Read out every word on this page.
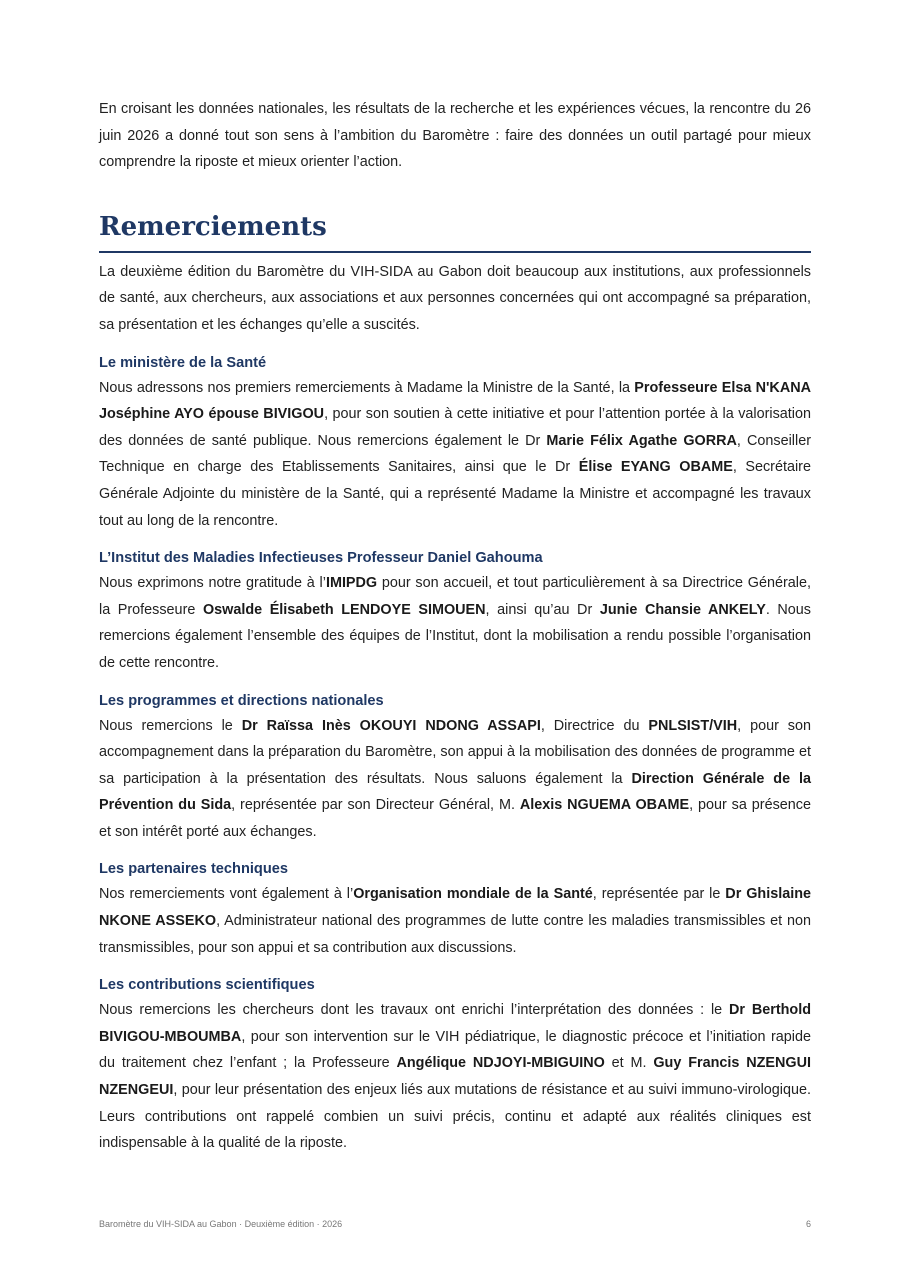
En croisant les données nationales, les résultats de la recherche et les expériences vécues, la rencontre du 26 juin 2026 a donné tout son sens à l’ambition du Baromètre : faire des données un outil partagé pour mieux comprendre la riposte et mieux orienter l’action.

Remerciements

La deuxième édition du Baromètre du VIH-SIDA au Gabon doit beaucoup aux institutions, aux professionnels de santé, aux chercheurs, aux associations et aux personnes concernées qui ont accompagné sa préparation, sa présentation et les échanges qu’elle a suscités.

Le ministère de la Santé

Nous adressons nos premiers remerciements à Madame la Ministre de la Santé, la Professeure Elsa N'KANA Joséphine AYO épouse BIVIGOU, pour son soutien à cette initiative et pour l’attention portée à la valorisation des données de santé publique. Nous remercions également le Dr Marie Félix Agathe GORRA, Conseiller Technique en charge des Etablissements Sanitaires, ainsi que le Dr Élise EYANG OBAME, Secrétaire Générale Adjointe du ministère de la Santé, qui a représenté Madame la Ministre et accompagné les travaux tout au long de la rencontre.

L’Institut des Maladies Infectieuses Professeur Daniel Gahouma

Nous exprimons notre gratitude à l’IMIPDG pour son accueil, et tout particulièrement à sa Directrice Générale, la Professeure Oswalde Élisabeth LENDOYE SIMOUEN, ainsi qu’au Dr Junie Chansie ANKELY. Nous remercions également l’ensemble des équipes de l’Institut, dont la mobilisation a rendu possible l’organisation de cette rencontre.

Les programmes et directions nationales

Nous remercions le Dr Raïssa Inès OKOUYI NDONG ASSAPI, Directrice du PNLSIST/VIH, pour son accompagnement dans la préparation du Baromètre, son appui à la mobilisation des données de programme et sa participation à la présentation des résultats. Nous saluons également la Direction Générale de la Prévention du Sida, représentée par son Directeur Général, M. Alexis NGUEMA OBAME, pour sa présence et son intérêt porté aux échanges.

Les partenaires techniques

Nos remerciements vont également à l’Organisation mondiale de la Santé, représentée par le Dr Ghislaine NKONE ASSEKO, Administrateur national des programmes de lutte contre les maladies transmissibles et non transmissibles, pour son appui et sa contribution aux discussions.

Les contributions scientifiques

Nous remercions les chercheurs dont les travaux ont enrichi l’interprétation des données : le Dr Berthold BIVIGOU-MBOUMBA, pour son intervention sur le VIH pédiatrique, le diagnostic précoce et l’initiation rapide du traitement chez l’enfant ; la Professeure Angélique NDJOYI-MBIGUINO et M. Guy Francis NZENGUI NZENGEUI, pour leur présentation des enjeux liés aux mutations de résistance et au suivi immuno-virologique. Leurs contributions ont rappelé combien un suivi précis, continu et adapté aux réalités cliniques est indispensable à la qualité de la riposte.

Baromètre du VIH-SIDA au Gabon · Deuxième édition · 2026	6
